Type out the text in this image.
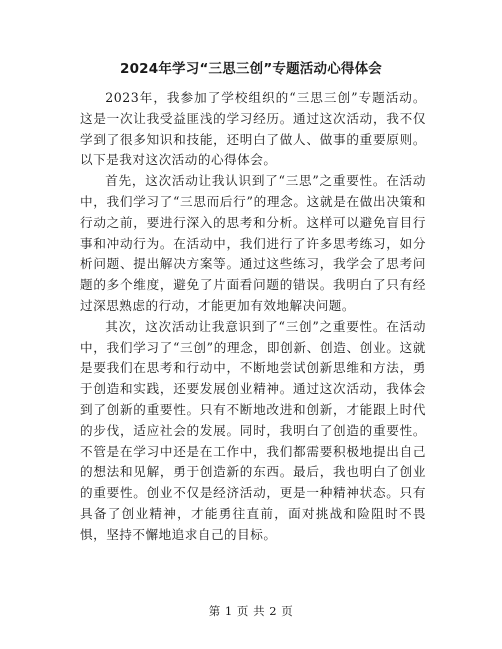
2024年学习“三思三创”专题活动心得体会

2023年，我参加了学校组织的“三思三创”专题活动。这是一次让我受益匪浅的学习经历。通过这次活动，我不仅学到了很多知识和技能，还明白了做人、做事的重要原则。以下是我对这次活动的心得体会。

首先，这次活动让我认识到了“三思”之重要性。在活动中，我们学习了“三思而后行”的理念。这就是在做出决策和行动之前，要进行深入的思考和分析。这样可以避免盲目行事和冲动行为。在活动中，我们进行了许多思考练习，如分析问题、提出解决方案等。通过这些练习，我学会了思考问题的多个维度，避免了片面看问题的错误。我明白了只有经过深思熟虑的行动，才能更加有效地解决问题。

其次，这次活动让我意识到了“三创”之重要性。在活动中，我们学习了“三创”的理念，即创新、创造、创业。这就是要我们在思考和行动中，不断地尝试创新思维和方法，勇于创造和实践，还要发展创业精神。通过这次活动，我体会到了创新的重要性。只有不断地改进和创新，才能跟上时代的步伐，适应社会的发展。同时，我明白了创造的重要性。不管是在学习中还是在工作中，我们都需要积极地提出自己的想法和见解，勇于创造新的东西。最后，我也明白了创业的重要性。创业不仅是经济活动，更是一种精神状态。只有具备了创业精神，才能勇往直前，面对挑战和险阻时不畏惧，坚持不懈地追求自己的目标。

第 1 页 共 2 页
